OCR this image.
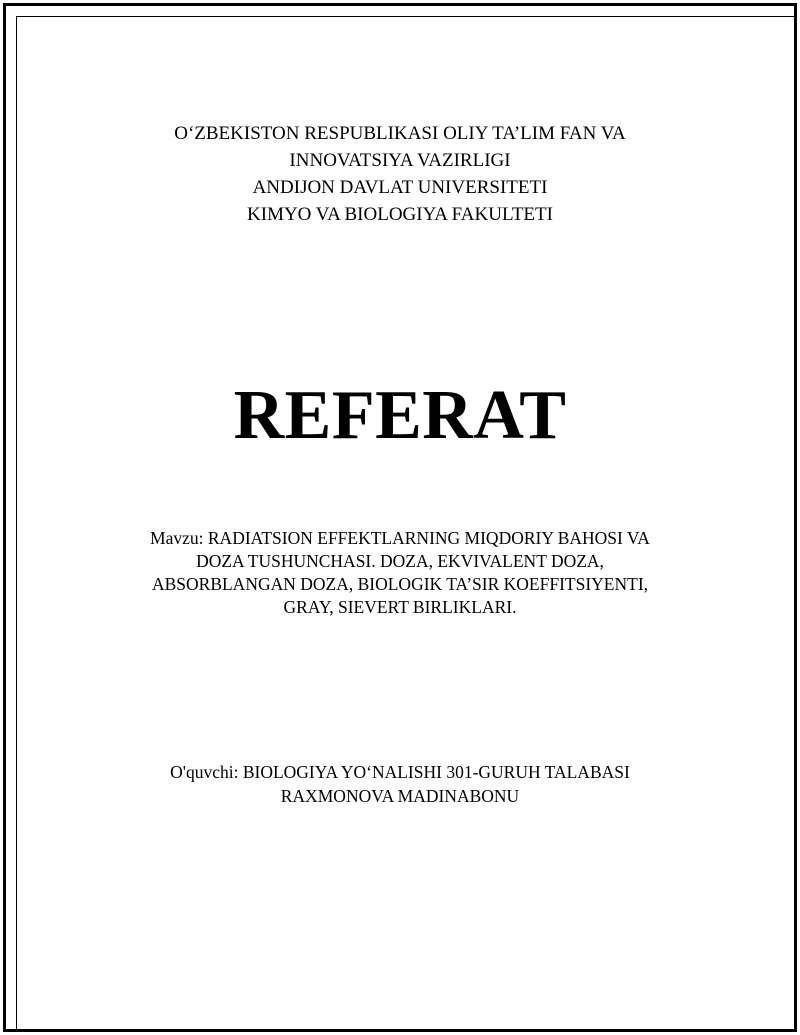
O‘ZBEKISTON RESPUBLIKASI OLIY TA’LIM FAN VA
INNOVATSIYA VAZIRLIGI
ANDIJON DAVLAT UNIVERSITETI
KIMYO VA BIOLOGIYA FAKULTETI
REFERAT
Mavzu: RADIATSION EFFEKTLARNING MIQDORIY BAHOSI VA
DOZA TUSHUNCHASI. DOZA, EKVIVALENT DOZA,
ABSORBLANGAN DOZA, BIOLOGIK TA’SIR KOEFFITSIYENTI,
GRAY, SIEVERT BIRLIKLARI.
O'quvchi: BIOLOGIYA YO‘NALISHI 301-GURUH TALABASI
RAXMONOVA MADINABONU
